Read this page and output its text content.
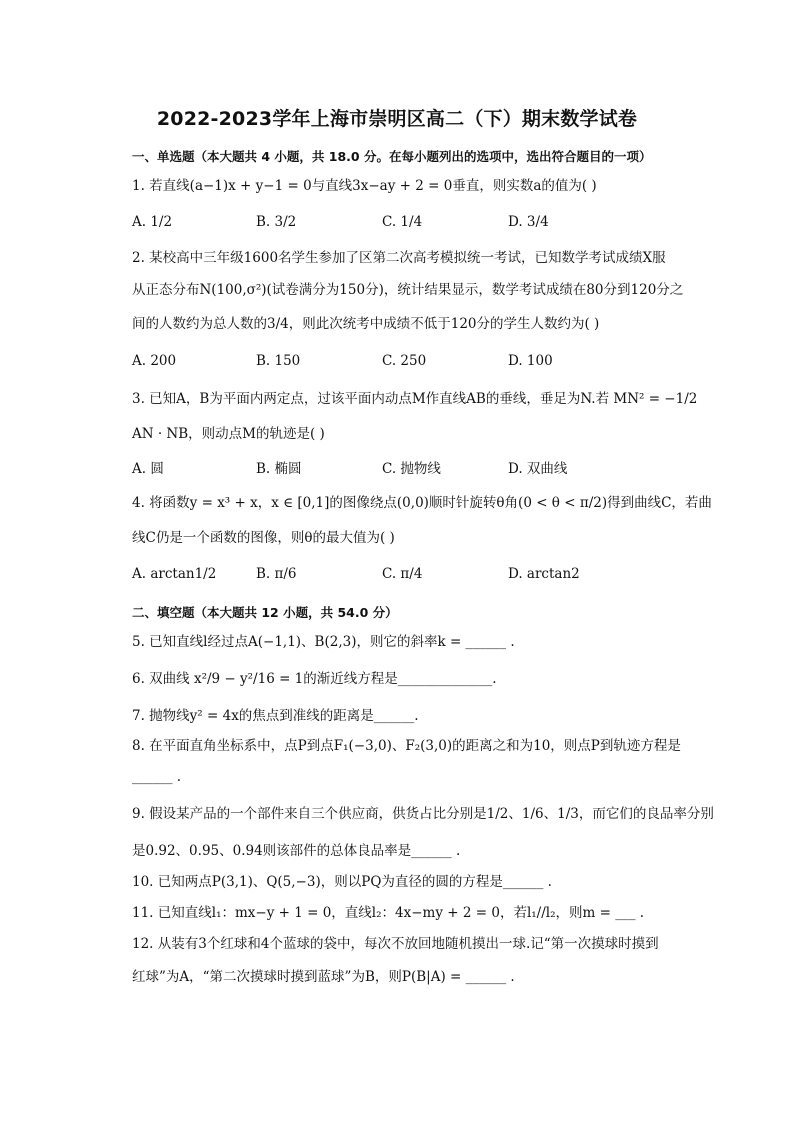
2022-2023学年上海市崇明区高二（下）期末数学试卷
一、单选题（本大题共 4 小题，共 18.0 分。在每小题列出的选项中，选出符合题目的一项）
1. 若直线(a−1)x + y−1 = 0与直线3x−ay + 2 = 0垂直，则实数a的值为( )
A. 1/2	B. 3/2	C. 1/4	D. 3/4
2. 某校高中三年级1600名学生参加了区第二次高考模拟统一考试，已知数学考试成绩X服
从正态分布N(100,σ²)(试卷满分为150分)，统计结果显示，数学考试成绩在80分到120分之
间的人数约为总人数的3/4，则此次统考中成绩不低于120分的学生人数约为( )
A. 200	B. 150	C. 250	D. 100
3. 已知A，B为平面内两定点，过该平面内动点M作直线AB的垂线，垂足为N.若 MN² = −1/2
AN · NB，则动点M的轨迹是( )
A. 圆	B. 椭圆	C. 抛物线	D. 双曲线
4. 将函数y = x³ + x，x ∈ [0,1]的图像绕点(0,0)顺时针旋转θ角(0 < θ < π/2)得到曲线C，若曲
线C仍是一个函数的图像，则θ的最大值为( )
A. arctan1/2	B. π/6	C. π/4	D. arctan2
二、填空题（本大题共 12 小题，共 54.0 分）
5. 已知直线l经过点A(−1,1)、B(2,3)，则它的斜率k = ______ .
6. 双曲线 x²/9 − y²/16 = 1的渐近线方程是______________.
7. 抛物线y² = 4x的焦点到准线的距离是______.
8. 在平面直角坐标系中，点P到点F₁(−3,0)、F₂(3,0)的距离之和为10，则点P到轨迹方程是
______ .
9. 假设某产品的一个部件来自三个供应商，供货占比分别是1/2、1/6、1/3，而它们的良品率分别
是0.92、0.95、0.94则该部件的总体良品率是______ .
10. 已知两点P(3,1)、Q(5,−3)，则以PQ为直径的圆的方程是______ .
11. 已知直线l₁：mx−y + 1 = 0，直线l₂：4x−my + 2 = 0，若l₁//l₂，则m = ___ .
12. 从装有3个红球和4个蓝球的袋中，每次不放回地随机摸出一球.记“第一次摸球时摸到
红球”为A，“第二次摸球时摸到蓝球”为B，则P(B|A) = ______ .
